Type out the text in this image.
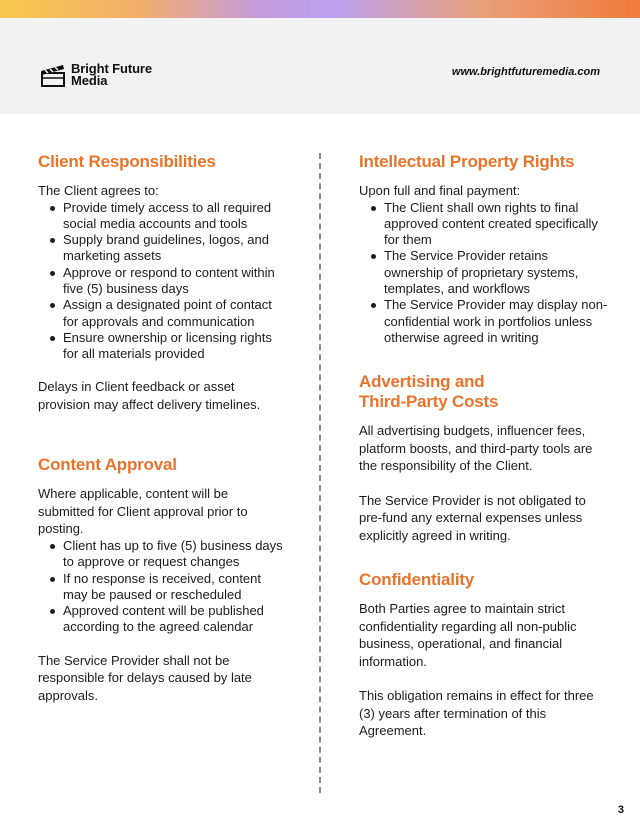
Bright Future
Media
www.brightfuturemedia.com
Client Responsibilities
The Client agrees to:
Provide timely access to all required social media accounts and tools
Supply brand guidelines, logos, and marketing assets
Approve or respond to content within five (5) business days
Assign a designated point of contact for approvals and communication
Ensure ownership or licensing rights for all materials provided
Delays in Client feedback or asset provision may affect delivery timelines.
Content Approval
Where applicable, content will be submitted for Client approval prior to posting.
Client has up to five (5) business days to approve or request changes
If no response is received, content may be paused or rescheduled
Approved content will be published according to the agreed calendar
The Service Provider shall not be responsible for delays caused by late approvals.
Intellectual Property Rights
Upon full and final payment:
The Client shall own rights to final approved content created specifically for them
The Service Provider retains ownership of proprietary systems, templates, and workflows
The Service Provider may display non-confidential work in portfolios unless otherwise agreed in writing
Advertising and
Third-Party Costs
All advertising budgets, influencer fees, platform boosts, and third-party tools are the responsibility of the Client.
The Service Provider is not obligated to pre-fund any external expenses unless explicitly agreed in writing.
Confidentiality
Both Parties agree to maintain strict confidentiality regarding all non-public business, operational, and financial information.
This obligation remains in effect for three (3) years after termination of this Agreement.
3
